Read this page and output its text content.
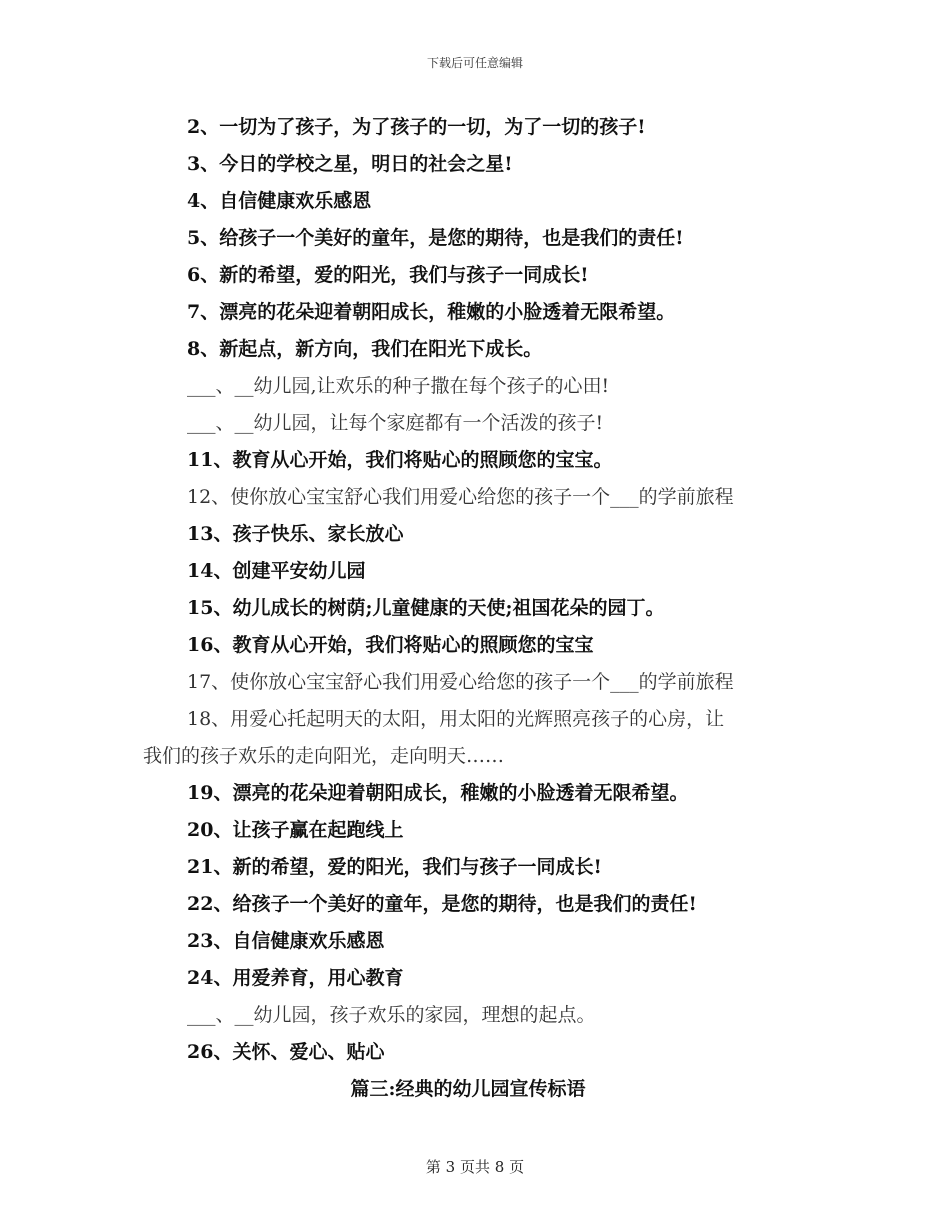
下载后可任意编辑
2、一切为了孩子，为了孩子的一切，为了一切的孩子!
3、今日的学校之星，明日的社会之星!
4、自信健康欢乐感恩
5、给孩子一个美好的童年，是您的期待，也是我们的责任!
6、新的希望，爱的阳光，我们与孩子一同成长!
7、漂亮的花朵迎着朝阳成长，稚嫩的小脸透着无限希望。
8、新起点，新方向，我们在阳光下成长。
___、__幼儿园,让欢乐的种子撒在每个孩子的心田!
___、__幼儿园，让每个家庭都有一个活泼的孩子!
11、教育从心开始，我们将贴心的照顾您的宝宝。
12、使你放心宝宝舒心我们用爱心给您的孩子一个___的学前旅程
13、孩子快乐、家长放心
14、创建平安幼儿园
15、幼儿成长的树荫;儿童健康的天使;祖国花朵的园丁。
16、教育从心开始，我们将贴心的照顾您的宝宝
17、使你放心宝宝舒心我们用爱心给您的孩子一个___的学前旅程
18、用爱心托起明天的太阳，用太阳的光辉照亮孩子的心房，让
我们的孩子欢乐的走向阳光，走向明天……
19、漂亮的花朵迎着朝阳成长，稚嫩的小脸透着无限希望。
20、让孩子赢在起跑线上
21、新的希望，爱的阳光，我们与孩子一同成长!
22、给孩子一个美好的童年，是您的期待，也是我们的责任!
23、自信健康欢乐感恩
24、用爱养育，用心教育
___、__幼儿园，孩子欢乐的家园，理想的起点。
26、关怀、爱心、贴心
篇三:经典的幼儿园宣传标语
第 3 页共 8 页
